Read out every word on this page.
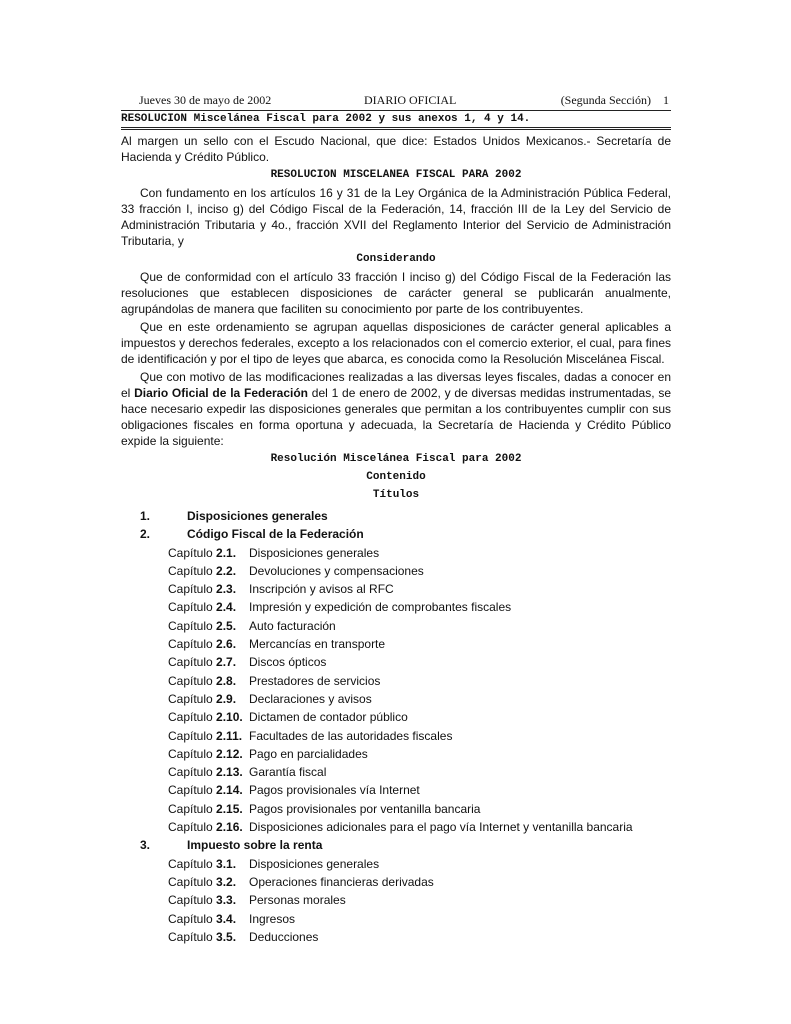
Jueves 30 de mayo de 2002	DIARIO OFICIAL	(Segunda Sección) 1
RESOLUCION Miscelánea Fiscal para 2002 y sus anexos 1, 4 y 14.

Al margen un sello con el Escudo Nacional, que dice: Estados Unidos Mexicanos.- Secretaría de Hacienda y Crédito Público.

RESOLUCION MISCELANEA FISCAL PARA 2002

Con fundamento en los artículos 16 y 31 de la Ley Orgánica de la Administración Pública Federal, 33 fracción I, inciso g) del Código Fiscal de la Federación, 14, fracción III de la Ley del Servicio de Administración Tributaria y 4o., fracción XVII del Reglamento Interior del Servicio de Administración Tributaria, y

Considerando

Que de conformidad con el artículo 33 fracción I inciso g) del Código Fiscal de la Federación las resoluciones que establecen disposiciones de carácter general se publicarán anualmente, agrupándolas de manera que faciliten su conocimiento por parte de los contribuyentes.

Que en este ordenamiento se agrupan aquellas disposiciones de carácter general aplicables a impuestos y derechos federales, excepto a los relacionados con el comercio exterior, el cual, para fines de identificación y por el tipo de leyes que abarca, es conocida como la Resolución Miscelánea Fiscal.

Que con motivo de las modificaciones realizadas a las diversas leyes fiscales, dadas a conocer en el Diario Oficial de la Federación del 1 de enero de 2002, y de diversas medidas instrumentadas, se hace necesario expedir las disposiciones generales que permitan a los contribuyentes cumplir con sus obligaciones fiscales en forma oportuna y adecuada, la Secretaría de Hacienda y Crédito Público expide la siguiente:

Resolución Miscelánea Fiscal para 2002
Contenido
Títulos
1.	Disposiciones generales
2.	Código Fiscal de la Federación
Capítulo 2.1.	Disposiciones generales
Capítulo 2.2.	Devoluciones y compensaciones
Capítulo 2.3.	Inscripción y avisos al RFC
Capítulo 2.4.	Impresión y expedición de comprobantes fiscales
Capítulo 2.5.	Auto facturación
Capítulo 2.6.	Mercancías en transporte
Capítulo 2.7.	Discos ópticos
Capítulo 2.8.	Prestadores de servicios
Capítulo 2.9.	Declaraciones y avisos
Capítulo 2.10. Dictamen de contador público
Capítulo 2.11. Facultades de las autoridades fiscales
Capítulo 2.12. Pago en parcialidades
Capítulo 2.13. Garantía fiscal
Capítulo 2.14. Pagos provisionales vía Internet
Capítulo 2.15. Pagos provisionales por ventanilla bancaria
Capítulo 2.16. Disposiciones adicionales para el pago vía Internet y ventanilla bancaria
3.	Impuesto sobre la renta
Capítulo 3.1.	Disposiciones generales
Capítulo 3.2.	Operaciones financieras derivadas
Capítulo 3.3.	Personas morales
Capítulo 3.4.	Ingresos
Capítulo 3.5.	Deducciones
